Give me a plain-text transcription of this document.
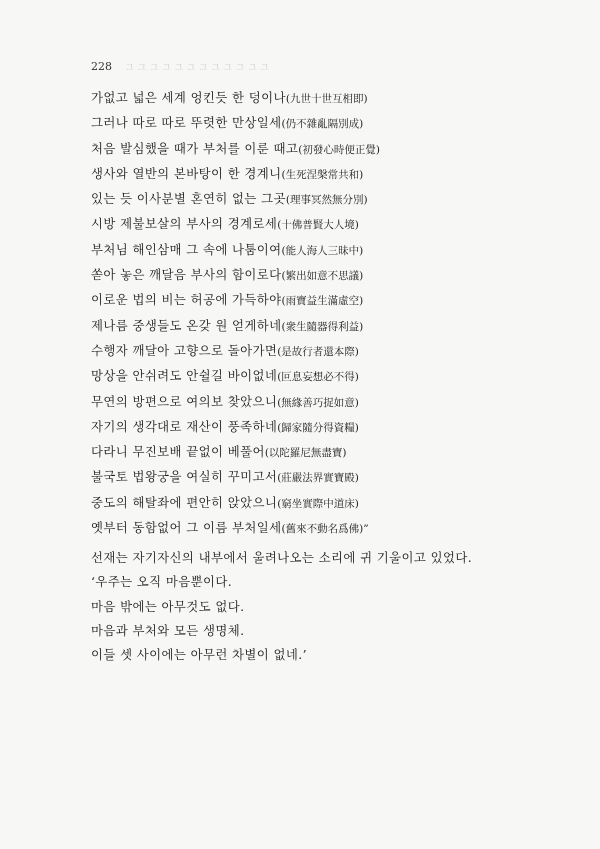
228 그 그 그 그 그 그 그 그 그 그 그 그
가없고 넓은 세계 엉킨듯 한 덩이나(九世十世互相即)
그러나 따로 따로 뚜렷한 만상일세(仍不雜亂隔別成)
처음 발심했을 때가 부처를 이룬 때고(初發心時便正覺)
생사와 열반의 본바탕이 한 경계니(生死涅槃常共和)
있는 듯 이사분별 혼연히 없는 그곳(理事冥然無分別)
시방 제불보살의 부사의 경계로세(十佛普賢大人境)
부처님 해인삼매 그 속에 나툼이여(能人海人三昧中)
쏟아 놓은 깨달음 부사의 함이로다(繁出如意不思議)
이로운 법의 비는 허공에 가득하야(雨寶益生滿虛空)
제나름 중생들도 온갖 원 얻게하네(衆生隨器得利益)
수행자 깨달아 고향으로 돌아가면(是故行者還本際)
망상을 안쉬려도 안쉴길 바이없네(叵息妄想必不得)
무연의 방편으로 여의보 찾았으니(無緣善巧捉如意)
자기의 생각대로 재산이 풍족하네(歸家隨分得資糧)
다라니 무진보배 끝없이 베풀어(以陀羅尼無盡寶)
불국토 법왕궁을 여실히 꾸미고서(莊嚴法界實寶殿)
중도의 해탈좌에 편안히 앉았으니(窮坐實際中道床)
옛부터 동함없어 그 이름 부처일세(舊來不動名爲佛)”

선재는 자기자신의 내부에서 울려나오는 소리에 귀 기울이고 있었다.

‘우주는 오직 마음뿐이다.
마음 밖에는 아무것도 없다.
마음과 부처와 모든 생명체.
이들 셋 사이에는 아무런 차별이 없네.’
